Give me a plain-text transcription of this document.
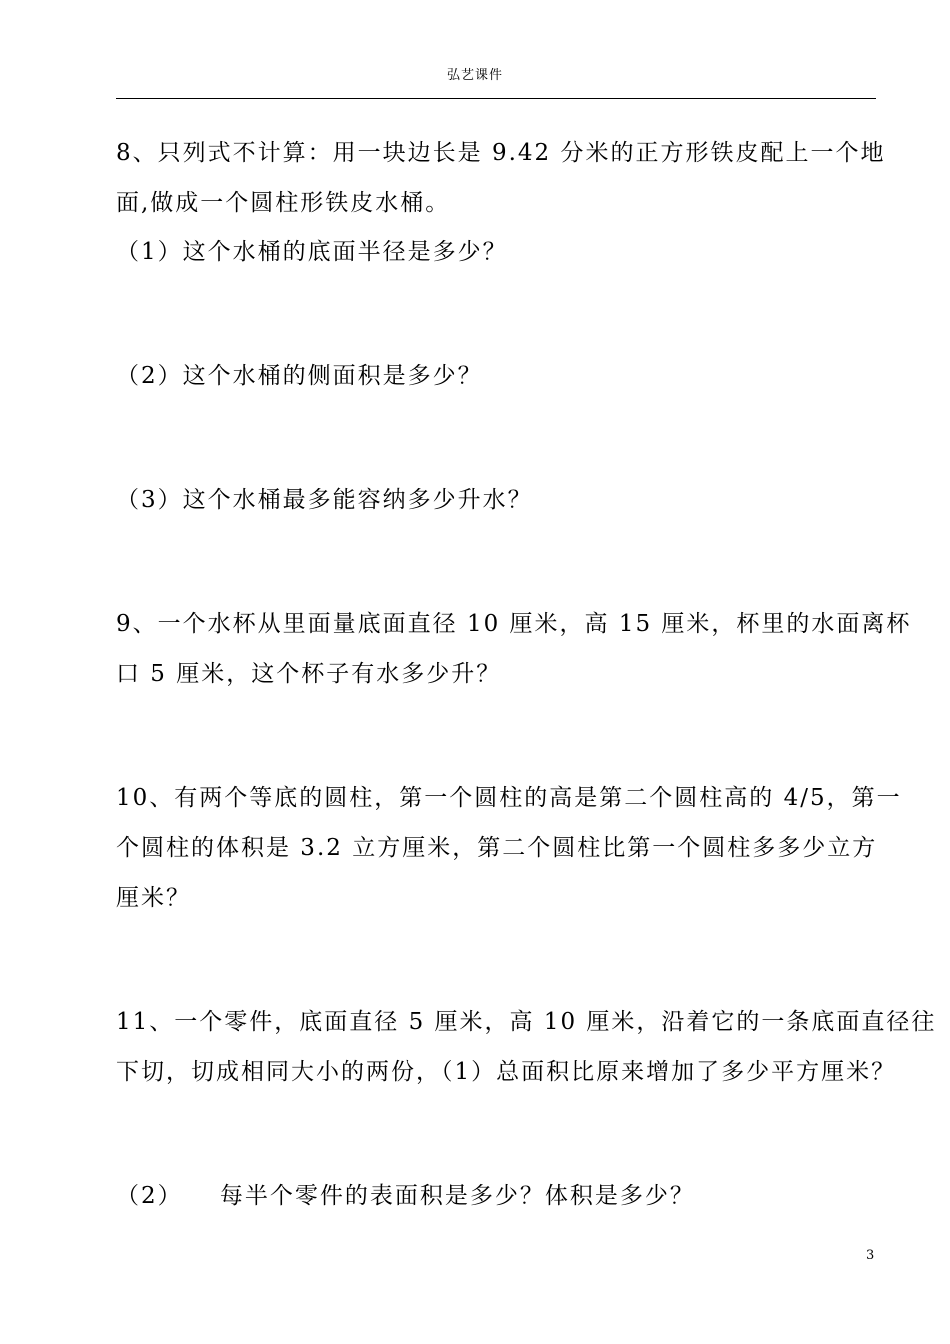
弘艺课件
8、只列式不计算：用一块边长是 9.42 分米的正方形铁皮配上一个地
面,做成一个圆柱形铁皮水桶。
（1）这个水桶的底面半径是多少？
（2）这个水桶的侧面积是多少？
（3）这个水桶最多能容纳多少升水？
9、一个水杯从里面量底面直径 10 厘米，高 15 厘米，杯里的水面离杯
口 5 厘米，这个杯子有水多少升？
10、有两个等底的圆柱，第一个圆柱的高是第二个圆柱高的 4/5，第一
个圆柱的体积是 3.2 立方厘米，第二个圆柱比第一个圆柱多多少立方
厘米？
11、一个零件，底面直径 5 厘米，高 10 厘米，沿着它的一条底面直径往
下切，切成相同大小的两份，（1）总面积比原来增加了多少平方厘米？
（2）    每半个零件的表面积是多少？体积是多少？
3
